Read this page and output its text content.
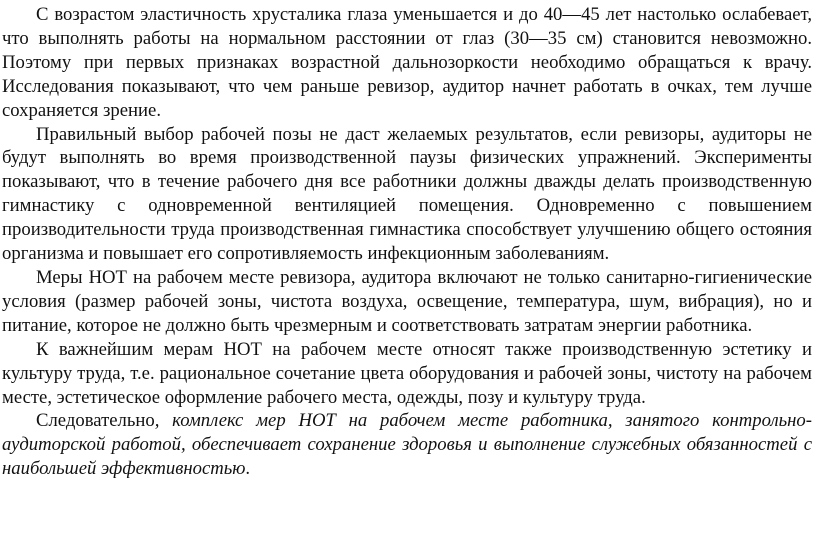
С возрастом эластичность хрусталика глаза уменьшается и до 40—45 лет настолько ослабевает, что выполнять работы на нормальном расстоянии от глаз (30—35 см) становится невозможно. Поэтому при первых признаках возрастной дальнозоркости необходимо обращаться к врачу. Исследования показывают, что чем раньше ревизор, аудитор начнет работать в очках, тем лучше сохраняется зрение.

Правильный выбор рабочей позы не даст желаемых результатов, если ревизоры, аудиторы не будут выполнять во время производственной паузы физических упражнений. Эксперименты показывают, что в течение рабочего дня все работники должны дважды делать производственную гимнастику с одновременной вентиляцией помещения. Одновременно с повышением производительности труда производственная гимнастика способствует улучшению общего остояния организма и повышает его сопротивляемость инфекционным заболеваниям.

Меры НОТ на рабочем месте ревизора, аудитора включают не только санитарно-гигиенические условия (размер рабочей зоны, чистота воздуха, освещение, температура, шум, вибрация), но и питание, которое не должно быть чрезмерным и соответствовать затратам энергии работника.

К важнейшим мерам НОТ на рабочем месте относят также производственную эстетику и культуру труда, т.е. рациональное сочетание цвета оборудования и рабочей зоны, чистоту на рабочем месте, эстетическое оформление рабочего места, одежды, позу и культуру труда.

Следовательно, комплекс мер НОТ на рабочем месте работника, занятого контрольно-аудиторской работой, обеспечивает сохранение здоровья и выполнение служебных обязанностей с наибольшей эффективностью.
